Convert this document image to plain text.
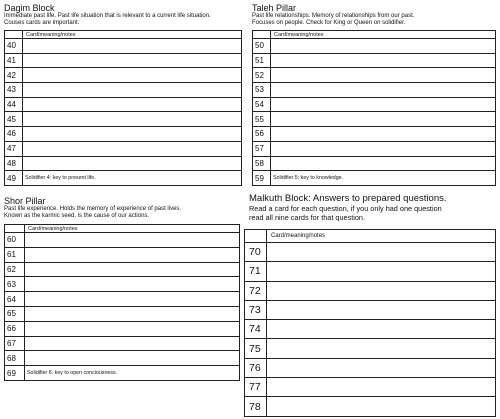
Dagim Block
Immediate past life. Past life situation that is relevant to a current life situation.
Couses cards are important.
	Card/meaning/notes
40	
41	
42	
43	
44	
45	
46	
47	
48	
49	Solidifier 4: key to present life.
Taleh Pillar
Past life relationships. Memory of relationships from our past.
Focuses on people. Check for King or Queen on solidifier.
	Card/meaning/notes
50	
51	
52	
53	
54	
55	
56	
57	
58	
59	Solidifier 5: key to knowledge.
Shor Pillar
Past life experience. Holds the memory of experience of past lives.
Known as the karmic seed, is the cause of our actions.
	Card/meaning/notes
60	
61	
62	
63	
64	
65	
66	
67	
68	
69	Solidifier 6: key to open conciousness.
Malkuth Block: Answers to prepared questions.
Read a card for each question, if you only had one question
read all nine cards for that question.
	Card/meaning/notes
70	
71	
72	
73	
74	
75	
76	
77	
78	
